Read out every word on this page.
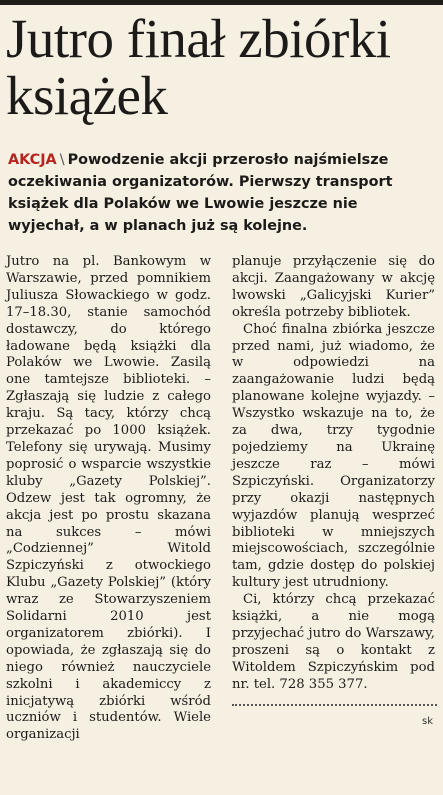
Jutro finał zbiórki
książek

AKCJA \ Powodzenie akcji przerosło najśmielsze oczekiwania organizatorów. Pierwszy transport książek dla Polaków we Lwowie jeszcze nie wyjechał, a w planach już są kolejne.

Jutro na pl. Bankowym w Warszawie, przed pomnikiem Juliusza Słowackiego w godz. 17–18.30, stanie samochód dostawczy, do którego ładowane będą książki dla Polaków we Lwowie. Zasilą one tamtejsze biblioteki. – Zgłaszają się ludzie z całego kraju. Są tacy, którzy chcą przekazać po 1000 książek. Telefony się urywają. Musimy poprosić o wsparcie wszystkie kluby „Gazety Polskiej”. Odzew jest tak ogromny, że akcja jest po prostu skazana na sukces – mówi „Codziennej” Witold Szpiczyński z otwockiego Klubu „Gazety Polskiej” (który wraz ze Stowarzyszeniem Solidarni 2010 jest organizatorem zbiórki). I opowiada, że zgłaszają się do niego również nauczyciele szkolni i akademiccy z inicjatywą zbiórki wśród uczniów i studentów. Wiele organizacji

planuje przyłączenie się do akcji. Zaangażowany w akcję lwowski „Galicyjski Kurier” określa potrzeby bibliotek.

Choć finalna zbiórka jeszcze przed nami, już wiadomo, że w odpowiedzi na zaangażowanie ludzi będą planowane kolejne wyjazdy. – Wszystko wskazuje na to, że za dwa, trzy tygodnie pojedziemy na Ukrainę jeszcze raz – mówi Szpiczyński. Organizatorzy przy okazji następnych wyjazdów planują wesprzeć biblioteki w mniejszych miejscowościach, szczególnie tam, gdzie dostęp do polskiej kultury jest utrudniony.

Ci, którzy chcą przekazać książki, a nie mogą przyjechać jutro do Warszawy, proszeni są o kontakt z Witoldem Szpiczyńskim pod nr. tel. 728 355 377.

sk
